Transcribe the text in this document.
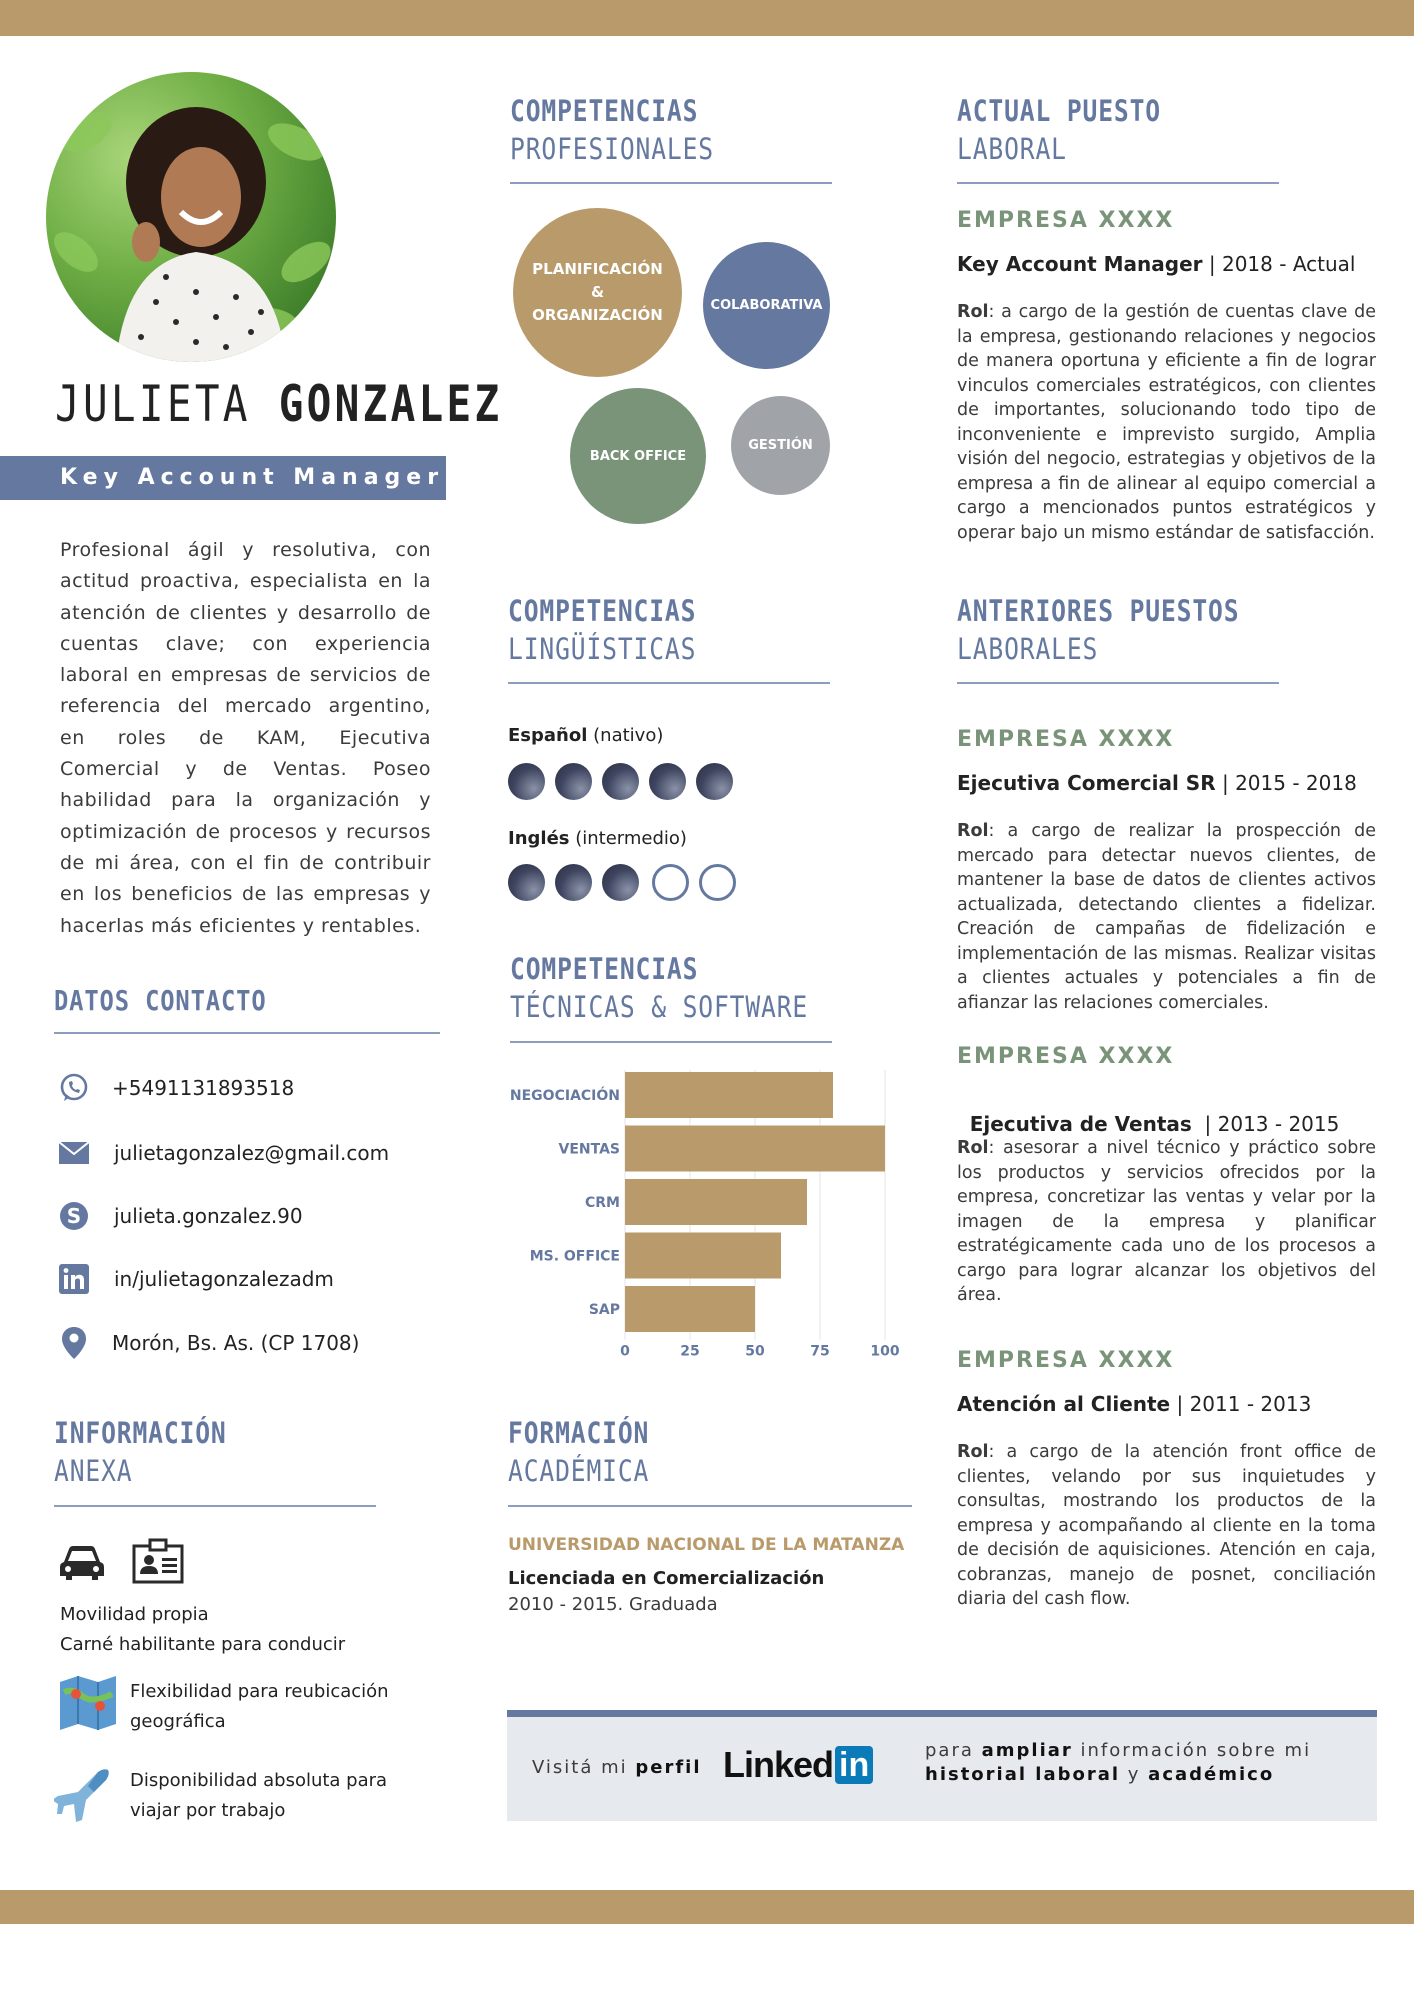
JULIETA GONZALEZ
Key Account Manager
Profesional ágil y resolutiva, con actitud proactiva, especialista en la atención de clientes y desarrollo de cuentas clave; con experiencia laboral en empresas de servicios de referencia del mercado argentino, en roles de KAM, Ejecutiva Comercial y de Ventas. Poseo habilidad para la organización y optimización de procesos y recursos de mi área, con el fin de contribuir en los beneficios de las empresas y hacerlas más eficientes y rentables.
DATOS CONTACTO
+5491131893518
julietagonzalez@gmail.com
S julieta.gonzalez.90
in/julietagonzalezadm
Morón, Bs. As. (CP 1708)
INFORMACIÓN
ANEXA
Movilidad propia
Carné habilitante para conducir
Flexibilidad para reubicación
geográfica
Disponibilidad absoluta para
viajar por trabajo
COMPETENCIAS
PROFESIONALES
PLANIFICACIÓN
&
ORGANIZACIÓN
COLABORATIVA
BACK OFFICE
GESTIÓN
COMPETENCIAS
LINGÜÍSTICAS
Español (nativo)
Inglés (intermedio)
COMPETENCIAS
TÉCNICAS & SOFTWARE
0	25	50	75	100
NEGOCIACIÓN
VENTAS
CRM
MS. OFFICE
SAP
FORMACIÓN
ACADÉMICA
UNIVERSIDAD NACIONAL DE LA MATANZA
Licenciada en Comercialización
2010 - 2015. Graduada
ACTUAL PUESTO
LABORAL
EMPRESA XXXX
Key Account Manager | 2018 - Actual
Rol: a cargo de la gestión de cuentas clave de la empresa, gestionando relaciones y negocios de manera oportuna y eficiente a fin de lograr vinculos comerciales estratégicos, con clientes de importantes, solucionando todo tipo de inconveniente e imprevisto surgido, Amplia visión del negocio, estrategias y objetivos de la empresa a fin de alinear al equipo comercial a cargo a mencionados puntos estratégicos y operar bajo un mismo estándar de satisfacción.
ANTERIORES PUESTOS
LABORALES
EMPRESA XXXX
Ejecutiva Comercial SR | 2015 - 2018
Rol: a cargo de realizar la prospección de mercado para detectar nuevos clientes, de mantener la base de datos de clientes activos actualizada, detectando clientes a fidelizar. Creación de campañas de fidelización e implementación de las mismas. Realizar visitas a clientes actuales y potenciales a fin de afianzar las relaciones comerciales.
EMPRESA XXXX

Ejecutiva de Ventas  | 2013 - 2015

Rol: asesorar a nivel técnico y práctico sobre los productos y servicios ofrecidos por la empresa, concretizar las ventas y velar por la imagen de la empresa y planificar estratégicamente cada uno de los procesos a cargo para lograr alcanzar los objetivos del área.
EMPRESA XXXX
Atención al Cliente | 2011 - 2013
Rol: a cargo de la atención front office de clientes, velando por sus inquietudes y consultas, mostrando los productos de la empresa y acompañando al cliente en la toma de decisión de aquisiciones. Atención en caja, cobranzas, manejo de posnet, conciliación diaria del cash flow.
Visitá mi perfil Linked in	para ampliar información sobre mi
historial laboral y académico
